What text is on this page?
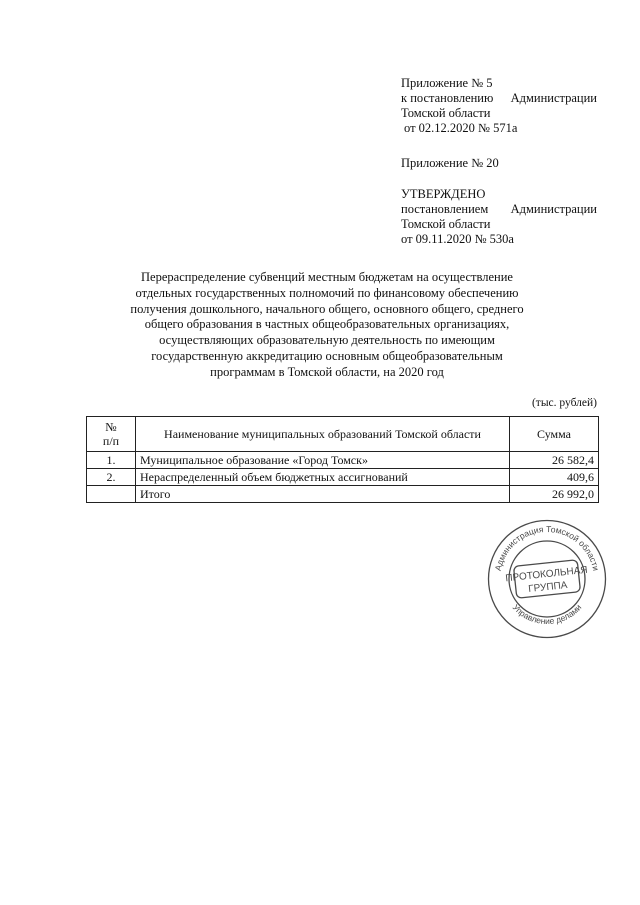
Приложение № 5
к постановлению Администрации
Томской области
от 02.12.2020 № 571а
Приложение № 20
УТВЕРЖДЕНО
постановлением Администрации
Томской области
от 09.11.2020 № 530а
Перераспределение субвенций местным бюджетам на осуществление
отдельных государственных полномочий по финансовому обеспечению
получения дошкольного, начального общего, основного общего, среднего
общего образования в частных общеобразовательных организациях,
осуществляющих образовательную деятельность по имеющим
государственную аккредитацию основным общеобразовательным
программам в Томской области, на 2020 год
(тыс. рублей)
№
п/п	Наименование муниципальных образований Томской области	Сумма
1.	Муниципальное образование «Город Томск»	26 582,4
2.	Нераспределенный объем бюджетных ассигнований	409,6
	Итого	26 992,0
Администрация Томской области
Управление делами
ПРОТОКОЛЬНАЯ
ГРУППА
